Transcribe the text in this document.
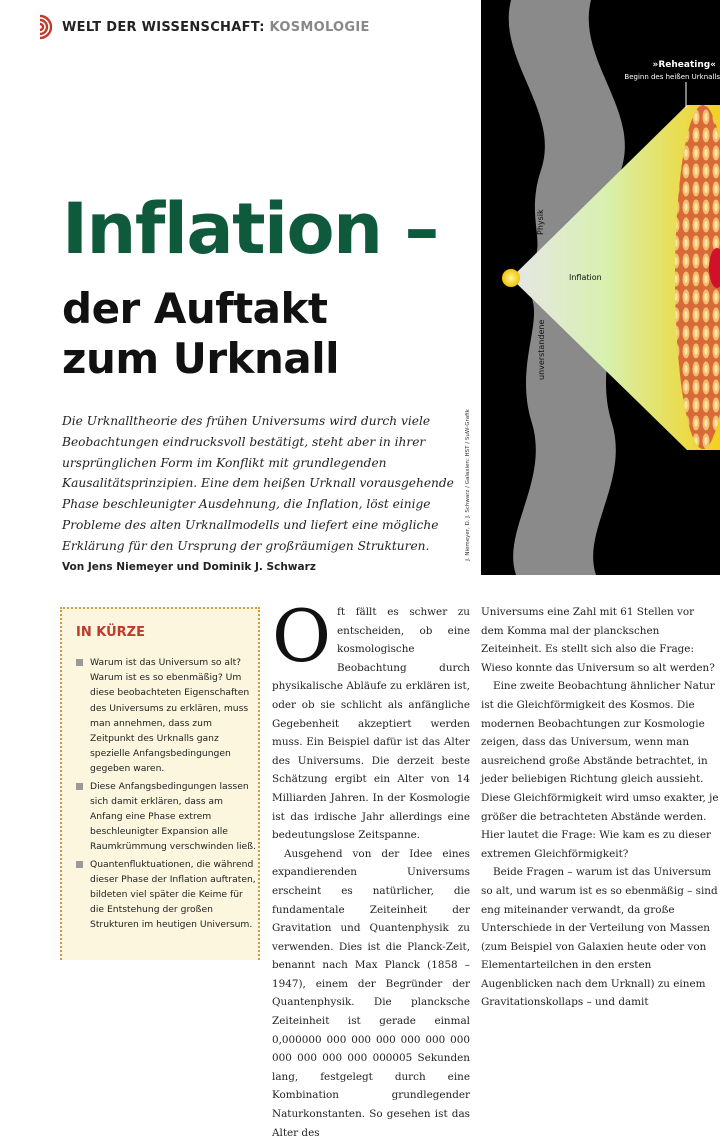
WELT DER WISSENSCHAFT: KOSMOLOGIE
Inflation –
der Auftakt
zum Urknall

Die Urknalltheorie des frühen Universums wird durch viele Beobachtungen eindrucksvoll bestätigt, steht aber in ihrer ursprünglichen Form im Konflikt mit grundlegenden Kausalitätsprinzipien. Eine dem heißen Urknall vorausgehende Phase beschleunigter Ausdehnung, die Inflation, löst einige Probleme des alten Urknallmodells und liefert eine mögliche Erklärung für den Ursprung der großräumigen Strukturen.

Von Jens Niemeyer und Dominik J. Schwarz

»Reheating«
Beginn des heißen Urknalls
Inflation
Physik
unverstandene
J. Niemeyer, D. J. Schwarz / Galaxien: HST / SuW-Grafik
IN KÜRZE
Warum ist das Universum so alt? Warum ist es so ebenmäßig? Um diese beobachteten Eigenschaften des Universums zu erklären, muss man annehmen, dass zum Zeitpunkt des Urknalls ganz spezielle Anfangsbedingungen gegeben waren.
Diese Anfangsbedingungen lassen sich damit erklären, dass am Anfang eine Phase extrem beschleunigter Expansion alle Raumkrümmung verschwinden ließ.
Quantenfluktuationen, die während dieser Phase der Inflation auftraten, bildeten viel später die Keime für die Entstehung der großen Strukturen im heutigen Universum.

Oft fällt es schwer zu entscheiden, ob eine kosmologische Beobachtung durch physikalische Abläufe zu erklären ist, oder ob sie schlicht als anfängliche Gegebenheit akzeptiert werden muss. Ein Beispiel dafür ist das Alter des Universums. Die derzeit beste Schätzung ergibt ein Alter von 14 Milliarden Jahren. In der Kosmologie ist das irdische Jahr allerdings eine bedeutungslose Zeitspanne.

Ausgehend von der Idee eines expandierenden Universums erscheint es natürlicher, die fundamentale Zeiteinheit der Gravitation und Quantenphysik zu verwenden. Dies ist die Planck-Zeit, benannt nach Max Planck (1858 – 1947), einem der Begründer der Quantenphysik. Die plancksche Zeiteinheit ist gerade einmal 0,000000 000 000 000 000 000 000 000 000 000 000 000005 Sekunden lang, festgelegt durch eine Kombination grundlegender Naturkonstanten. So gesehen ist das Alter des

Universums eine Zahl mit 61 Stellen vor dem Komma mal der planckschen Zeiteinheit. Es stellt sich also die Frage: Wieso konnte das Universum so alt werden?

Eine zweite Beobachtung ähnlicher Natur ist die Gleichförmigkeit des Kosmos. Die modernen Beobachtungen zur Kosmologie zeigen, dass das Universum, wenn man ausreichend große Abstände betrachtet, in jeder beliebigen Richtung gleich aussieht. Diese Gleichförmigkeit wird umso exakter, je größer die betrachteten Abstände werden. Hier lautet die Frage: Wie kam es zu dieser extremen Gleichförmigkeit?

Beide Fragen – warum ist das Universum so alt, und warum ist es so ebenmäßig – sind eng miteinander verwandt, da große Unterschiede in der Verteilung von Massen (zum Beispiel von Galaxien heute oder von Elementarteilchen in den ersten Augenblicken nach dem Urknall) zu einem Gravitationskollaps – und damit
